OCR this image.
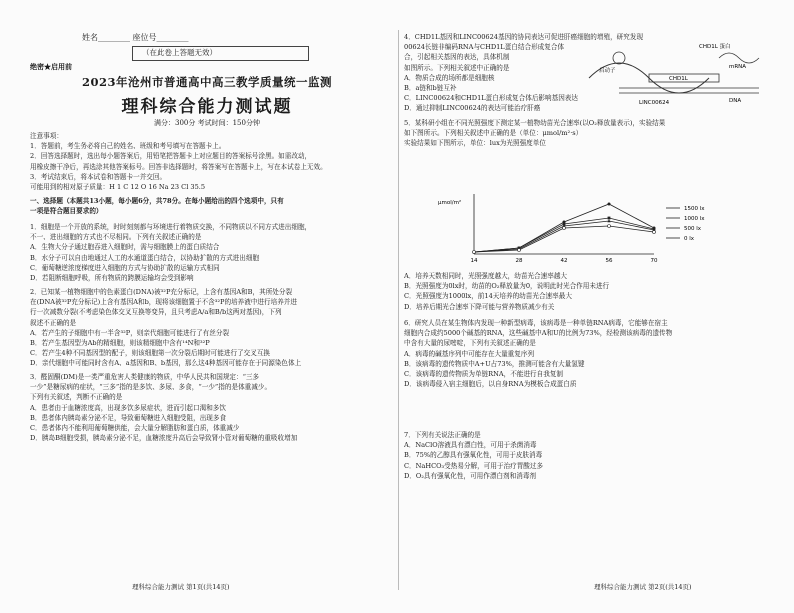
姓名________ 座位号________

（在此卷上答题无效）

绝密★启用前

2023年沧州市普通高中高三教学质量统一监测

理科综合能力测试题

满分：300分 考试时间：150分钟

注意事项：

1．答题前，考生务必将自己的姓名、班级和考号填写在答题卡上。

2．回答选择题时，选出每小题答案后，用铅笔把答题卡上对应题目的答案标号涂黑。如需改动，

用橡皮擦干净后，再选涂其他答案标号。回答非选择题时，将答案写在答题卡上，写在本试卷上无效。

3．考试结束后，将本试卷和答题卡一并交回。

可能用到的相对原子质量：H 1 C 12 O 16 Na 23 Cl 35.5

一、选择题（本题共13小题，每小题6分，共78分。在每小题给出的四个选项中，只有

一项是符合题目要求的）

1．细胞是一个开放的系统，时时刻刻都与环境进行着物质交换，不同物质以不同方式进出细胞，

不一、进出细胞的方式也不尽相同。下列有关叙述正确的是

A．生物大分子通过胞吞进入细胞时，需与细胞膜上的蛋白质结合

B．水分子可以自由地通过人工的水通道蛋白结合，以协助扩散的方式进出细胞

C．葡萄糖逆浓度梯度进入细胞的方式与协助扩散的运输方式相同

D．若阻断细胞呼吸，所有物质的跨膜运输均会受到影响

2．已知某一植物细胞中的色素蛋白(DNA)被³²P充分标记，上含有基因A和B，其所处分裂

在(DNA被³²P充分标记)上含有基因A和b，现将该细胞置于不含³²P的培养液中进行培养并进

行一次减数分裂(不考虑染色体交叉互换等变异，且只考虑A/a和B/b这两对基因)，下列

叙述不正确的是

A．若产生的子细胞中有一半含³²P，则亲代细胞可能进行了有丝分裂

B．若产生基因型为Ab的精细胞，则该精细胞中含有¹⁴N和³²P

C．若产生4种不同基因型的配子，则该细胞第一次分裂后期时可能进行了交叉互换

D．亲代细胞中可能同时含有A、a基因和B、b基因，那么这4种基因可能存在于同源染色体上

3．醛固酮(DM)是一类严重危害人类健康的物质，中华人民共和国规定：“三多

一少”是糖尿病的症状，“三多”指的是多饮、多尿、多食，“一少”指的是体重减少。

下列有关叙述，判断不正确的是

A．患者由于血糖浓度高，出现多饮多尿症状，进而引起口渴和多饮

B．患者体内胰岛素分泌不足，导致葡萄糖进入细胞受阻，出现多食

C．患者体内不能利用葡萄糖供能，会大量分解脂肪和蛋白质，体重减少

D．胰岛B细胞受损，胰岛素分泌不足，血糖浓度升高后会导致肾小管对葡萄糖的重吸收增加

理科综合能力测试 第1页(共14页)

4．CHD1L基因和LINC00624基因的协同表达可促进肝癌细胞的增殖，研究发现

00624长链非编码RNA与CHD1L蛋白结合形成复合体

合，引起相关基因的表达，具体机制

如图所示。下列相关叙述中正确的是

A．物质合成的场所都是细胞核

B．a链和b链互补

C．LINC00624和CHD1L蛋白形成复合体后影响基因表达

D．通过抑制LINC00624的表达可能治疗肝癌

CHD1L 蛋白
LINC00624	DNA
CHD1L
mRNA
启动子

5．某科研小组在不同光照强度下测定某一植物幼苗光合速率(以O₂释放量表示)，实验结果

如下图所示。下列相关叙述中正确的是（单位：μmol/m²·s）

实验结果如下图所示，单位：lux为光照强度单位

μmol/m²
14	28	42	56	70
1500 lx
1000 lx
500 lx
0 lx

A．培养天数相同时，光照强度越大，幼苗光合速率越大

B．光照强度为0lx时，幼苗的O₂释放量为0，说明此时光合作用未进行

C．光照强度为1000lx，前14天培养的幼苗光合速率最大

D．培养后期光合速率下降可能与营养物质减少有关

6．研究人员在某生物体内发现一种新型病毒，该病毒是一种单链RNA病毒，它能够在宿主

细胞内合成约5000个碱基的RNA，这些碱基中A和U的比例为73%，经检测该病毒的遗传物

中含有大量的尿嘧啶，下列有关叙述正确的是

A．病毒的碱基序列中可能存在大量重复序列

B．该病毒的遗传物质中A+U占73%，推测可能含有大量氢键

C．该病毒的遗传物质为单链RNA，不能进行自我复制

D．该病毒侵入宿主细胞后，以自身RNA为模板合成蛋白质

7．下列有关说法正确的是

A．NaClO溶液具有漂白性，可用于杀菌消毒

B．75%的乙醇具有强氧化性，可用于皮肤消毒

C．NaHCO₃受热易分解，可用于治疗胃酸过多

D．O₂具有强氧化性，可用作漂白剂和消毒剂

理科综合能力测试 第2页(共14页)
